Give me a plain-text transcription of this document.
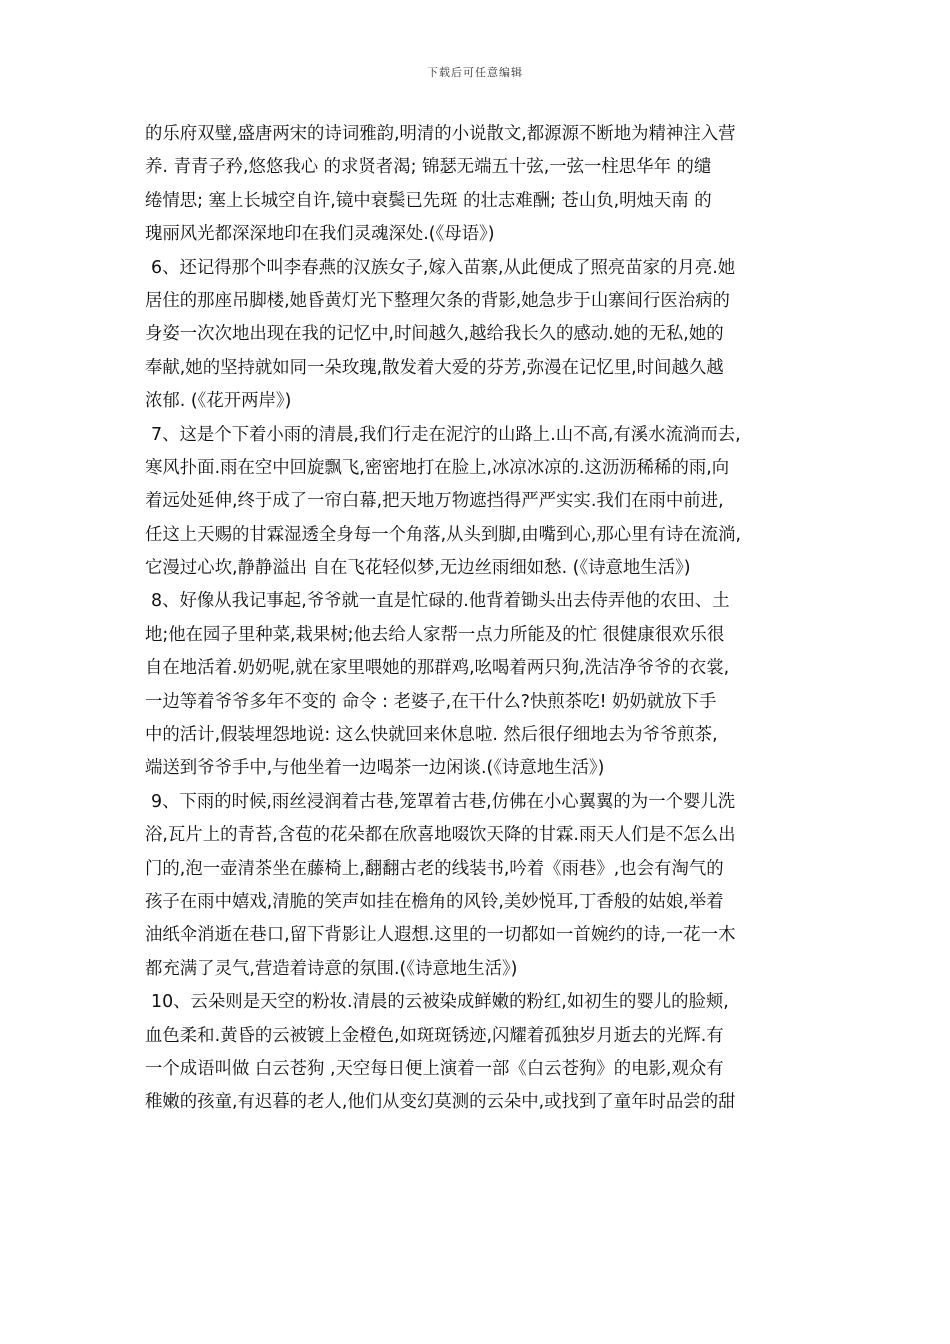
下载后可任意编辑
的乐府双璧,盛唐两宋的诗词雅韵,明清的小说散文,都源源不断地为精神注入营
养. 青青子矜,悠悠我心 的求贤者渴; 锦瑟无端五十弦,一弦一柱思华年 的缱
绻情思; 塞上长城空自许,镜中衰鬓已先斑 的壮志难酬; 苍山负,明烛天南 的
瑰丽风光都深深地印在我们灵魂深处.(《母语》)
6、还记得那个叫李春燕的汉族女子,嫁入苗寨,从此便成了照亮苗家的月亮.她
居住的那座吊脚楼,她昏黄灯光下整理欠条的背影,她急步于山寨间行医治病的
身姿一次次地出现在我的记忆中,时间越久,越给我长久的感动.她的无私,她的
奉献,她的坚持就如同一朵玫瑰,散发着大爱的芬芳,弥漫在记忆里,时间越久越
浓郁. (《花开两岸》)
7、这是个下着小雨的清晨,我们行走在泥泞的山路上.山不高,有溪水流淌而去,
寒风扑面.雨在空中回旋飘飞,密密地打在脸上,冰凉冰凉的.这沥沥稀稀的雨,向
着远处延伸,终于成了一帘白幕,把天地万物遮挡得严严实实.我们在雨中前进,
任这上天赐的甘霖湿透全身每一个角落,从头到脚,由嘴到心,那心里有诗在流淌,
它漫过心坎,静静溢出 自在飞花轻似梦,无边丝雨细如愁. (《诗意地生活》)
8、好像从我记事起,爷爷就一直是忙碌的.他背着锄头出去侍弄他的农田、土
地;他在园子里种菜,栽果树;他去给人家帮一点力所能及的忙 很健康很欢乐很
自在地活着.奶奶呢,就在家里喂她的那群鸡,吆喝着两只狗,洗洁净爷爷的衣裳,
一边等着爷爷多年不变的 命令 : 老婆子,在干什么?快煎茶吃! 奶奶就放下手
中的活计,假装埋怨地说: 这么快就回来休息啦. 然后很仔细地去为爷爷煎茶,
端送到爷爷手中,与他坐着一边喝茶一边闲谈.(《诗意地生活》)
9、下雨的时候,雨丝浸润着古巷,笼罩着古巷,仿佛在小心翼翼的为一个婴儿洗
浴,瓦片上的青苔,含苞的花朵都在欣喜地啜饮天降的甘霖.雨天人们是不怎么出
门的,泡一壶清茶坐在藤椅上,翻翻古老的线装书,吟着《雨巷》,也会有淘气的
孩子在雨中嬉戏,清脆的笑声如挂在檐角的风铃,美妙悦耳,丁香般的姑娘,举着
油纸伞消逝在巷口,留下背影让人遐想.这里的一切都如一首婉约的诗,一花一木
都充满了灵气,营造着诗意的氛围.(《诗意地生活》)
10、云朵则是天空的粉妆.清晨的云被染成鲜嫩的粉红,如初生的婴儿的脸颊,
血色柔和.黄昏的云被镀上金橙色,如斑斑锈迹,闪耀着孤独岁月逝去的光辉.有
一个成语叫做 白云苍狗 ,天空每日便上演着一部《白云苍狗》的电影,观众有
稚嫩的孩童,有迟暮的老人,他们从变幻莫测的云朵中,或找到了童年时品尝的甜
